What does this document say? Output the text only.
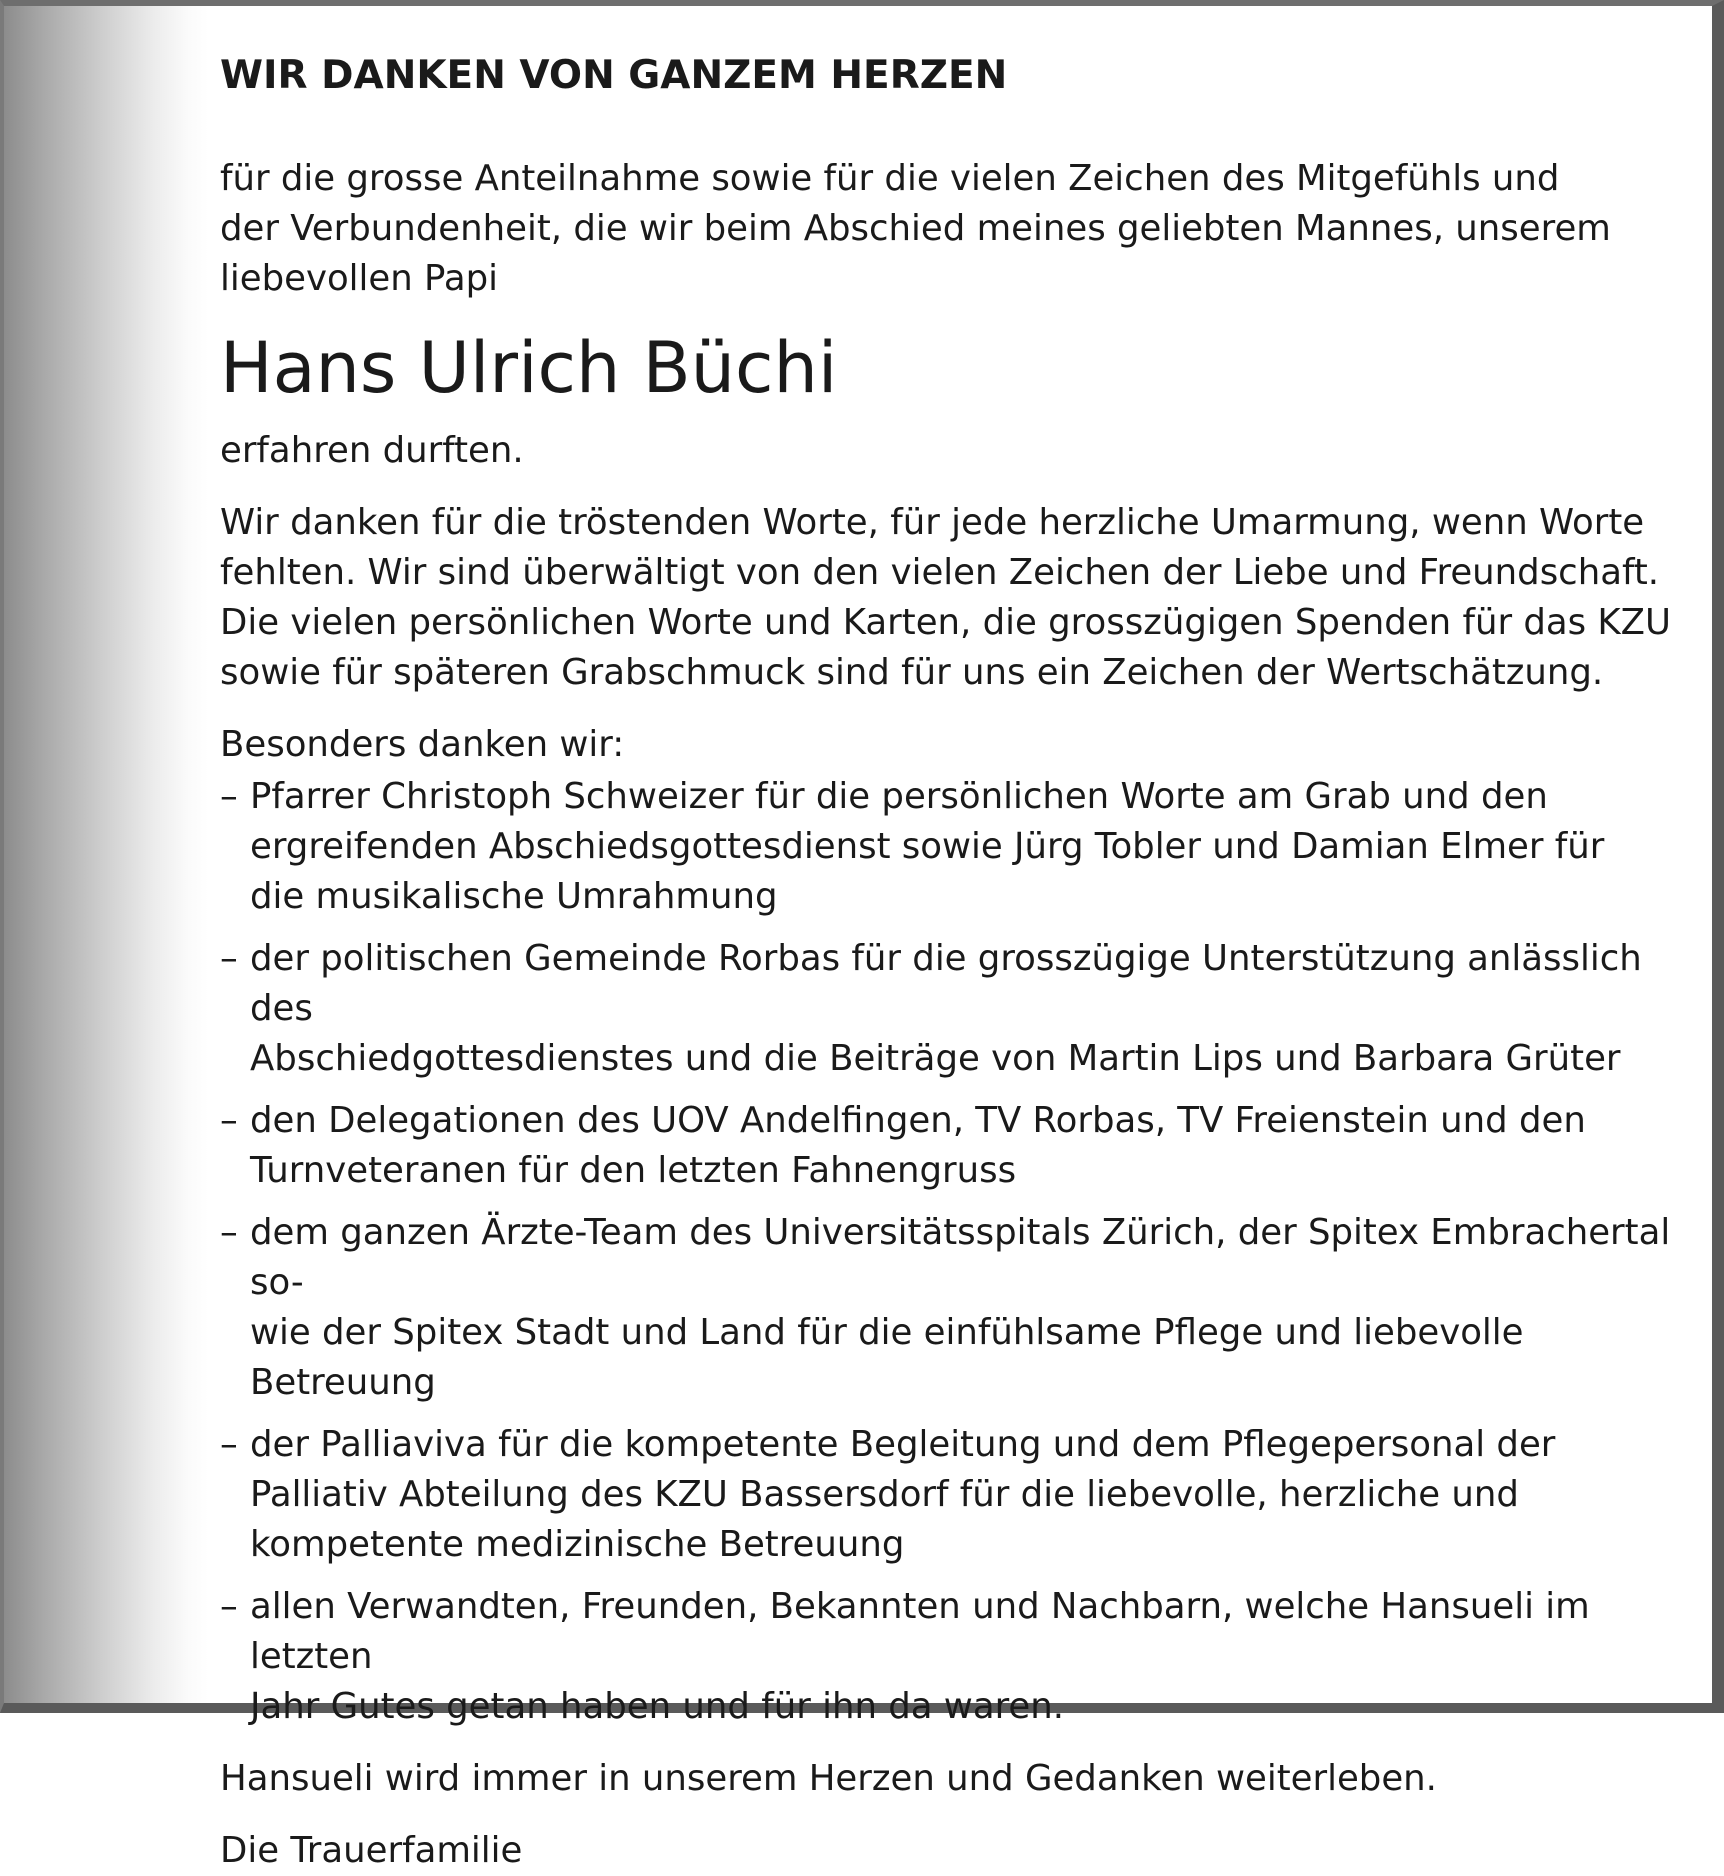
WIR DANKEN VON GANZEM HERZEN

für die grosse Anteilnahme sowie für die vielen Zeichen des Mitgefühls und
der Verbundenheit, die wir beim Abschied meines geliebten Mannes, unserem
liebevollen Papi

Hans Ulrich Büchi

erfahren durften.

Wir danken für die tröstenden Worte, für jede herzliche Umarmung, wenn Worte
fehlten. Wir sind überwältigt von den vielen Zeichen der Liebe und Freundschaft.
Die vielen persönlichen Worte und Karten, die grosszügigen Spenden für das KZU
sowie für späteren Grabschmuck sind für uns ein Zeichen der Wertschätzung.

Besonders danken wir:

– Pfarrer Christoph Schweizer für die persönlichen Worte am Grab und den
ergreifenden Abschiedsgottesdienst sowie Jürg Tobler und Damian Elmer für
die musikalische Umrahmung
– der politischen Gemeinde Rorbas für die grosszügige Unterstützung anlässlich des
Abschiedgottesdienstes und die Beiträge von Martin Lips und Barbara Grüter
– den Delegationen des UOV Andelfingen, TV Rorbas, TV Freienstein und den
Turnveteranen für den letzten Fahnengruss
– dem ganzen Ärzte-Team des Universitätsspitals Zürich, der Spitex Embrachertal so-
wie der Spitex Stadt und Land für die einfühlsame Pflege und liebevolle Betreuung
– der Palliaviva für die kompetente Begleitung und dem Pflegepersonal der
Palliativ Abteilung des KZU Bassersdorf für die liebevolle, herzliche und
kompetente medizinische Betreuung
– allen Verwandten, Freunden, Bekannten und Nachbarn, welche Hansueli im letzten
Jahr Gutes getan haben und für ihn da waren.

Hansueli wird immer in unserem Herzen und Gedanken weiterleben.

Die Trauerfamilie
